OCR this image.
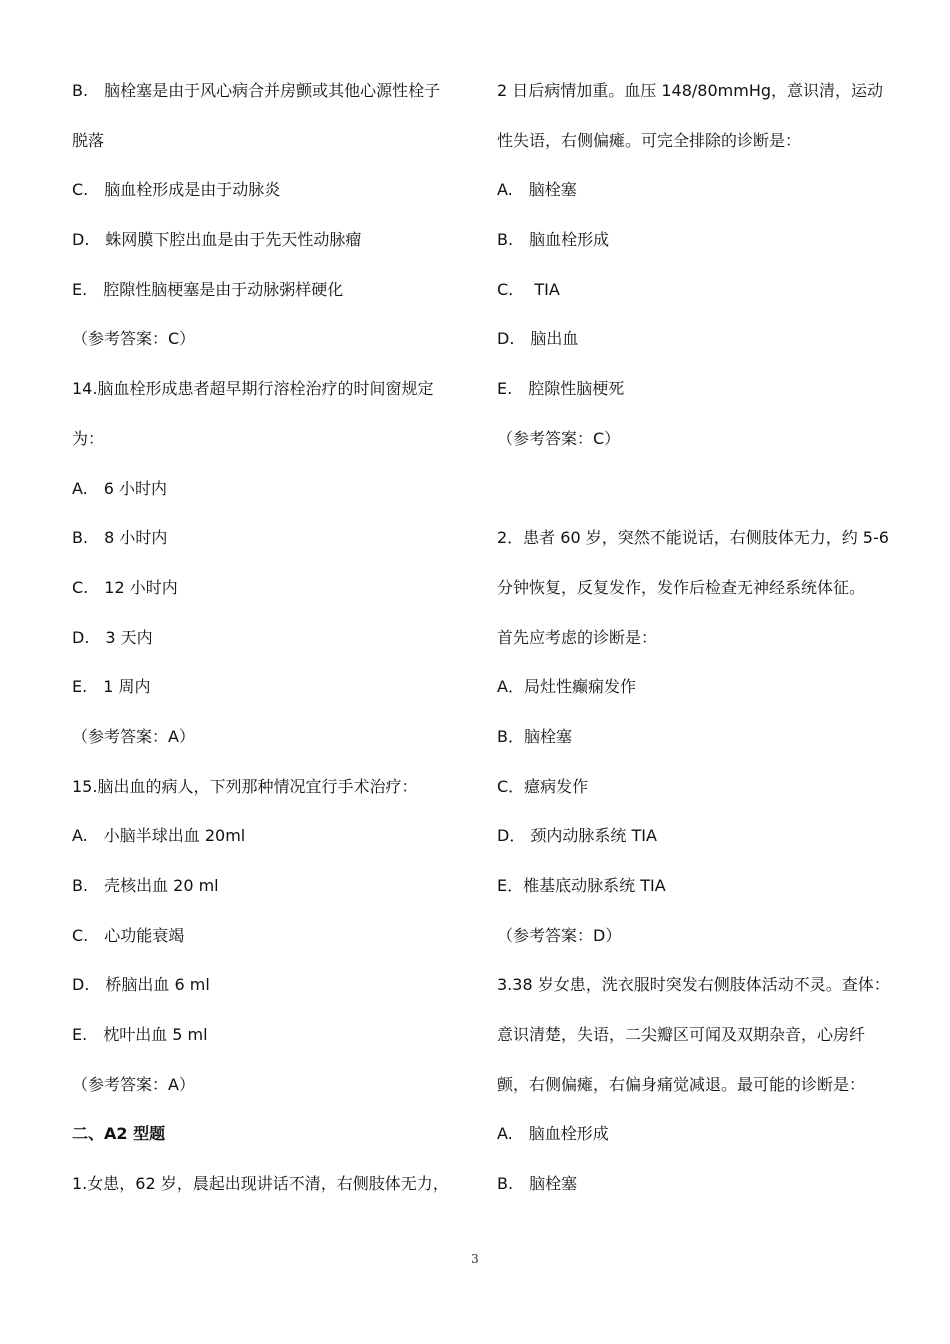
B.　脑栓塞是由于风心病合并房颤或其他心源性栓子
脱落
C.　脑血栓形成是由于动脉炎
D.　蛛网膜下腔出血是由于先天性动脉瘤
E.　腔隙性脑梗塞是由于动脉粥样硬化
（参考答案：C）
14.脑血栓形成患者超早期行溶栓治疗的时间窗规定
为：
A.　6 小时内
B.　8 小时内
C.　12 小时内
D.　3 天内
E.　1 周内
（参考答案：A）
15.脑出血的病人，下列那种情况宜行手术治疗：
A.　小脑半球出血 20ml
B.　壳核出血 20 ml
C.　心功能衰竭
D.　桥脑出血 6 ml
E.　枕叶出血 5 ml
（参考答案：A）
二、A2 型题
1.女患，62 岁，晨起出现讲话不清，右侧肢体无力，
2 日后病情加重。血压 148/80mmHg，意识清，运动
性失语，右侧偏瘫。可完全排除的诊断是：
A.　脑栓塞
B.　脑血栓形成
C.　 TIA
D.　脑出血
E.　腔隙性脑梗死
（参考答案：C）
2．患者 60 岁，突然不能说话，右侧肢体无力，约 5-6
分钟恢复，反复发作，发作后检查无神经系统体征。
首先应考虑的诊断是：
A．局灶性癫痫发作
B．脑栓塞
C．癔病发作
D． 颈内动脉系统 TIA
E．椎基底动脉系统 TIA
（参考答案：D）
3.38 岁女患，洗衣服时突发右侧肢体活动不灵。查体：
意识清楚，失语，二尖瓣区可闻及双期杂音，心房纤
颤，右侧偏瘫，右偏身痛觉减退。最可能的诊断是：
A.　脑血栓形成
B.　脑栓塞
3
